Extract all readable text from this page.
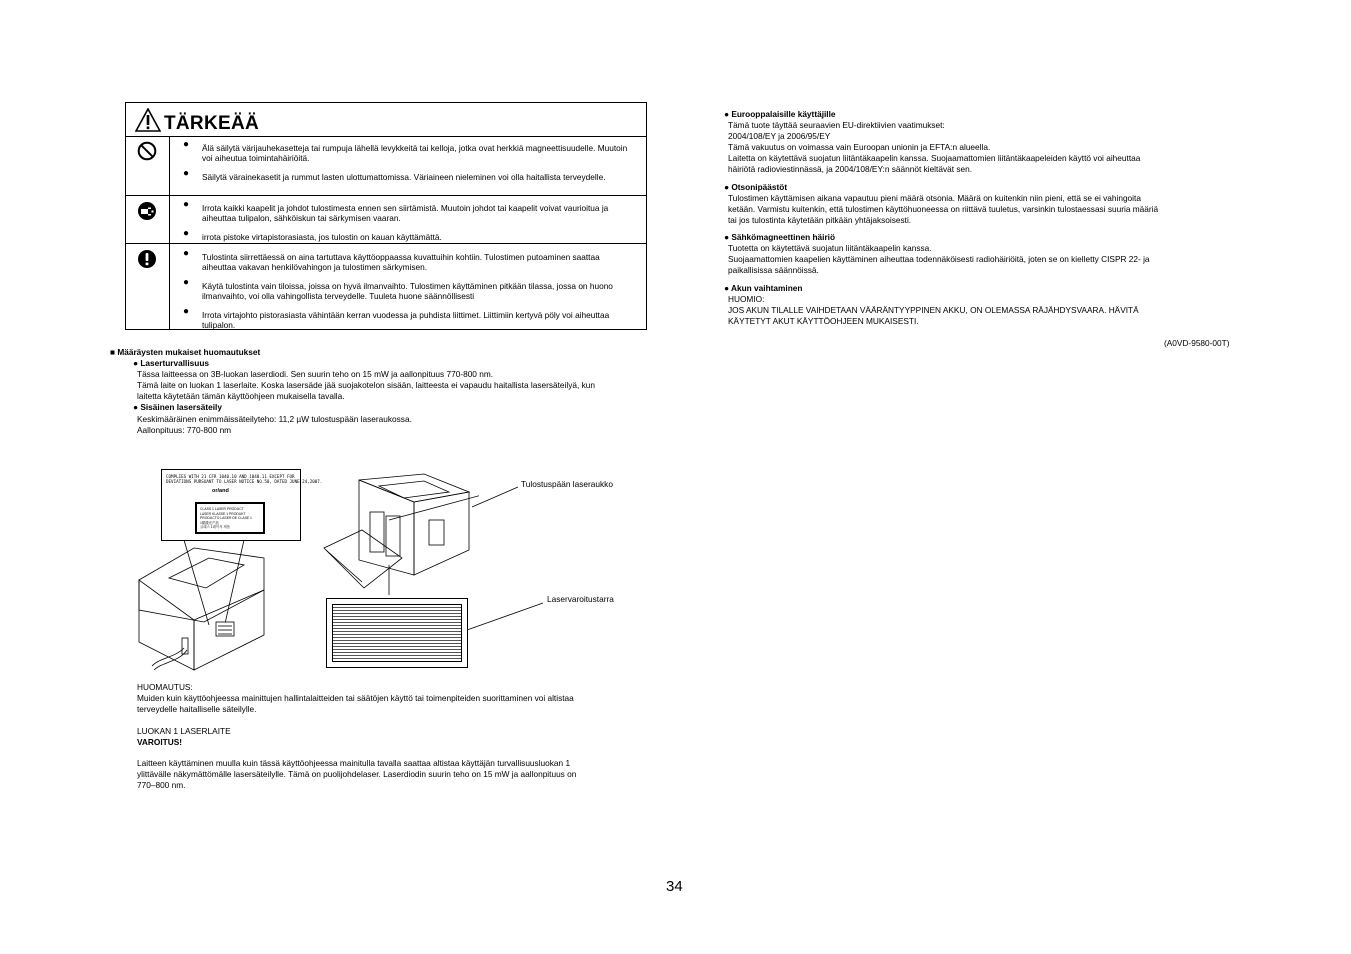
TÄRKEÄÄ
● Älä säilytä värijauhekasetteja tai rumpuja lähellä levykkeitä tai kelloja, jotka ovat herkkiä magneettisuudelle. Muutoin voi aiheutua toimintahäiriöitä.
● Säilytä värainekasetit ja rummut lasten ulottumattomissa. Väriaineen nieleminen voi olla haitallista terveydelle.
● Irrota kaikki kaapelit ja johdot tulostimesta ennen sen siirtämistä. Muutoin johdot tai kaapelit voivat vaurioitua ja aiheuttaa tulipalon, sähköiskun tai särkymisen vaaran.
● irrota pistoke virtapistorasiasta, jos tulostin on kauan käyttämättä.
● Tulostinta siirrettäessä on aina tartuttava käyttöoppaassa kuvattuihin kohtiin. Tulostimen putoaminen saattaa aiheuttaa vakavan henkilövahingon ja tulostimen särkymisen.
● Käytä tulostinta vain tiloissa, joissa on hyvä ilmanvaihto. Tulostimen käyttäminen pitkään tilassa, jossa on huono ilmanvaihto, voi olla vahingollista terveydelle. Tuuleta huone säännöllisesti
● Irrota virtajohto pistorasiasta vähintään kerran vuodessa ja puhdista liittimet. Liittimiin kertyvä pöly voi aiheuttaa tulipalon.
■ Määräysten mukaiset huomautukset
● Laserturvallisuus
Tässa laitteessa on 3B-luokan laserdiodi. Sen suurin teho on 15 mW ja aallonpituus 770-800 nm.
Tämä laite on luokan 1 laserlaite. Koska lasersäde jää suojakotelon sisään, laitteesta ei vapaudu haitallista lasersäteilyä, kun
laitetta käytetään tämän käyttöohjeen mukaisella tavalla.
● Sisäinen lasersäteily
Keskimääräinen enimmäissäteilyteho: 11,2 µW tulostuspään laseraukossa.
Aallonpituus: 770-800 nm
COMPLIES WITH 21 CFR 1040.10 AND 1040.11 EXCEPT FOR
DEVIATIONS PURSUANT TO LASER NOTICE NO.50, DATED JUNE 24,2007.
or/and
CLASS 1 LASER PRODUCT
LASER KLASSE 1 PRODUKT
PRODUCTO LASER DE CLASE 1
1類激光产品
클래스 1레이저 제품
Tulostuspään laseraukko
Laservaroitustarra
HUOMAUTUS:
Muiden kuin käyttöohjeessa mainittujen hallintalaitteiden tai säätöjen käyttö tai toimenpiteiden suorittaminen voi altistaa
terveydelle haitalliselle säteilylle.
LUOKAN 1 LASERLAITE
VAROITUS!
Laitteen käyttäminen muulla kuin tässä käyttöohjeessa mainitulla tavalla saattaa altistaa käyttäjän turvallisuusluokan 1
ylittävälle näkymättömälle lasersäteilylle. Tämä on puolijohdelaser. Laserdiodin suurin teho on 15 mW ja aallonpituus on
770–800 nm.
● Eurooppalaisille käyttäjille
Tämä tuote täyttää seuraavien EU-direktiivien vaatimukset:
2004/108/EY ja 2006/95/EY
Tämä vakuutus on voimassa vain Euroopan unionin ja EFTA:n alueella.
Laitetta on käytettävä suojatun liitäntäkaapelin kanssa. Suojaamattomien liitäntäkaapeleiden käyttö voi aiheuttaa
häiriötä radioviestinnässä, ja 2004/108/EY:n säännöt kieltävät sen.
● Otsonipäästöt
Tulostimen käyttämisen aikana vapautuu pieni määrä otsonia. Määrä on kuitenkin niin pieni, että se ei vahingoita
ketään. Varmistu kuitenkin, että tulostimen käyttöhuoneessa on riittävä tuuletus, varsinkin tulostaessasi suuria määriä
tai jos tulostinta käytetään pitkään yhtäjaksoisesti.
● Sähkömagneettinen häiriö
Tuotetta on käytettävä suojatun liitäntäkaapelin kanssa.
Suojaamattomien kaapelien käyttäminen aiheuttaa todennäköisesti radiohäiriöitä, joten se on kielletty CISPR 22- ja
paikallisissa säännöissä.
● Akun vaihtaminen
HUOMIO:
JOS AKUN TILALLE VAIHDETAAN VÄÄRÄNTYYPPINEN AKKU, ON OLEMASSA RÄJÄHDYSVAARA. HÄVITÄ
KÄYTETYT AKUT KÄYTTÖOHJEEN MUKAISESTI.
(A0VD-9580-00T)
34
